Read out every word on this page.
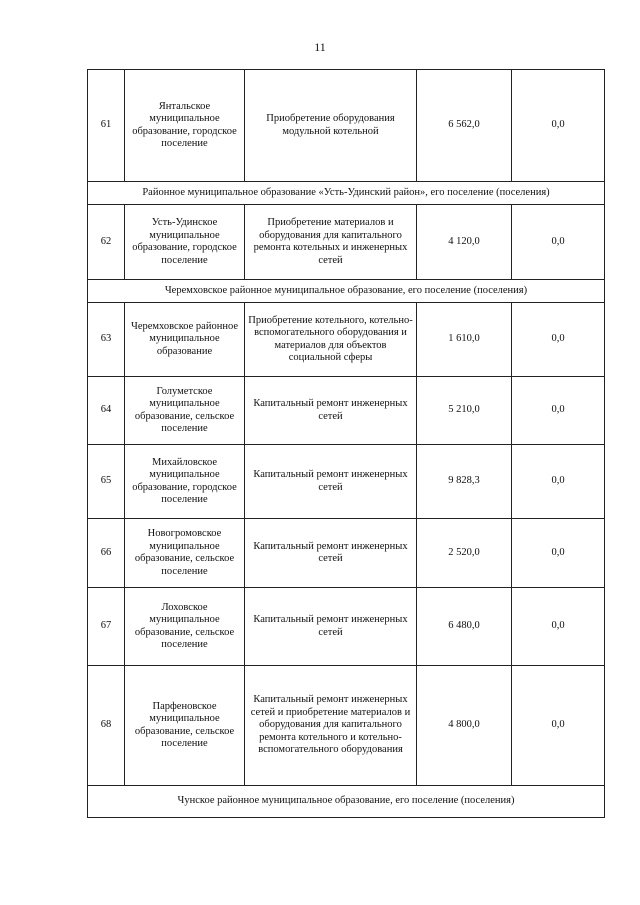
11
61	Янтальское муниципальное образование, городское поселение	Приобретение оборудования модульной котельной	6 562,0	0,0
Районное муниципальное образование «Усть-Удинский район», его поселение (поселения)				
62	Усть-Удинское муниципальное образование, городское поселение	Приобретение материалов и оборудования для капитального ремонта котельных и инженерных сетей	4 120,0	0,0
Черемховское районное муниципальное образование, его поселение (поселения)				
63	Черемховское районное муниципальное образование	Приобретение котельного, котельно-вспомогательного оборудования и материалов для объектов социальной сферы	1 610,0	0,0
64	Голуметское муниципальное образование, сельское поселение	Капитальный ремонт инженерных сетей	5 210,0	0,0
65	Михайловское муниципальное образование, городское поселение	Капитальный ремонт инженерных сетей	9 828,3	0,0
66	Новогромовское муниципальное образование, сельское поселение	Капитальный ремонт инженерных сетей	2 520,0	0,0
67	Лоховское муниципальное образование, сельское поселение	Капитальный ремонт инженерных сетей	6 480,0	0,0
68	Парфеновское муниципальное образование, сельское поселение	Капитальный ремонт инженерных сетей и приобретение материалов и оборудования для капитального ремонта котельного и котельно-вспомогательного оборудования	4 800,0	0,0
Чунское районное муниципальное образование, его поселение (поселения)				
